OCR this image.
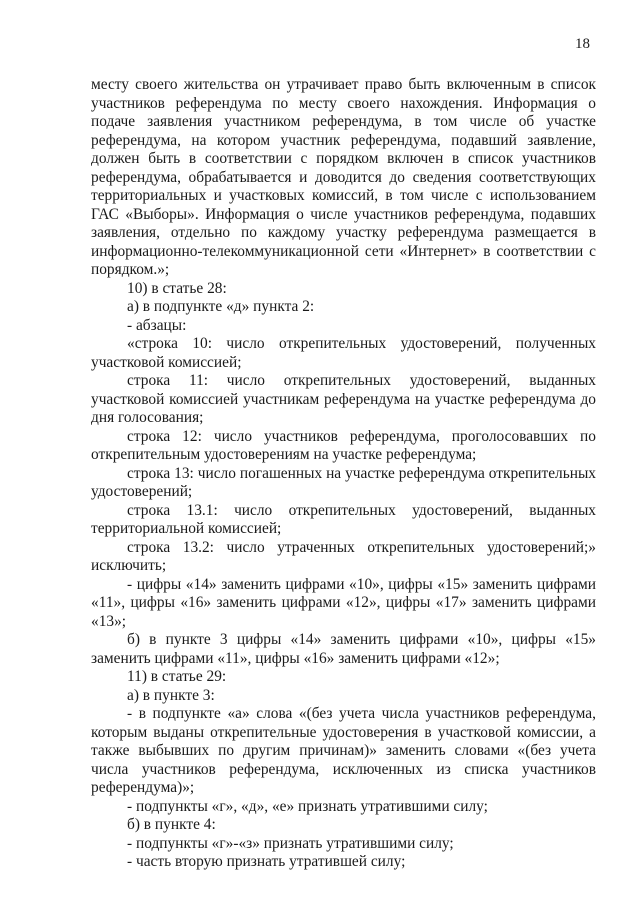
18

месту своего жительства он утрачивает право быть включенным в список участников референдума по месту своего нахождения. Информация о подаче заявления участником референдума, в том числе об участке референдума, на котором участник референдума, подавший заявление, должен быть в соответствии с порядком включен в список участников референдума, обрабатывается и доводится до сведения соответствующих территориальных и участковых комиссий, в том числе с использованием ГАС «Выборы». Информация о числе участников референдума, подавших заявления, отдельно по каждому участку референдума размещается в информационно-телекоммуникационной сети «Интернет» в соответствии с порядком.»;

10) в статье 28:

а) в подпункте «д» пункта 2:

- абзацы:

«строка 10: число открепительных удостоверений, полученных участковой комиссией;

строка 11: число открепительных удостоверений, выданных участковой комиссией участникам референдума на участке референдума до дня голосования;

строка 12: число участников референдума, проголосовавших по открепительным удостоверениям на участке референдума;

строка 13: число погашенных на участке референдума открепительных удостоверений;

строка 13.1: число открепительных удостоверений, выданных территориальной комиссией;

строка 13.2: число утраченных открепительных удостоверений;» исключить;

- цифры «14» заменить цифрами «10», цифры «15» заменить цифрами «11», цифры «16» заменить цифрами «12», цифры «17» заменить цифрами «13»;

б) в пункте 3 цифры «14» заменить цифрами «10», цифры «15» заменить цифрами «11», цифры «16» заменить цифрами «12»;

11) в статье 29:

а) в пункте 3:

- в подпункте «а» слова «(без учета числа участников референдума, которым выданы открепительные удостоверения в участковой комиссии, а также выбывших по другим причинам)» заменить словами «(без учета числа участников референдума, исключенных из списка участников референдума)»;

- подпункты «г», «д», «е» признать утратившими силу;

б) в пункте 4:

- подпункты «г»-«з» признать утратившими силу;

- часть вторую признать утратившей силу;
